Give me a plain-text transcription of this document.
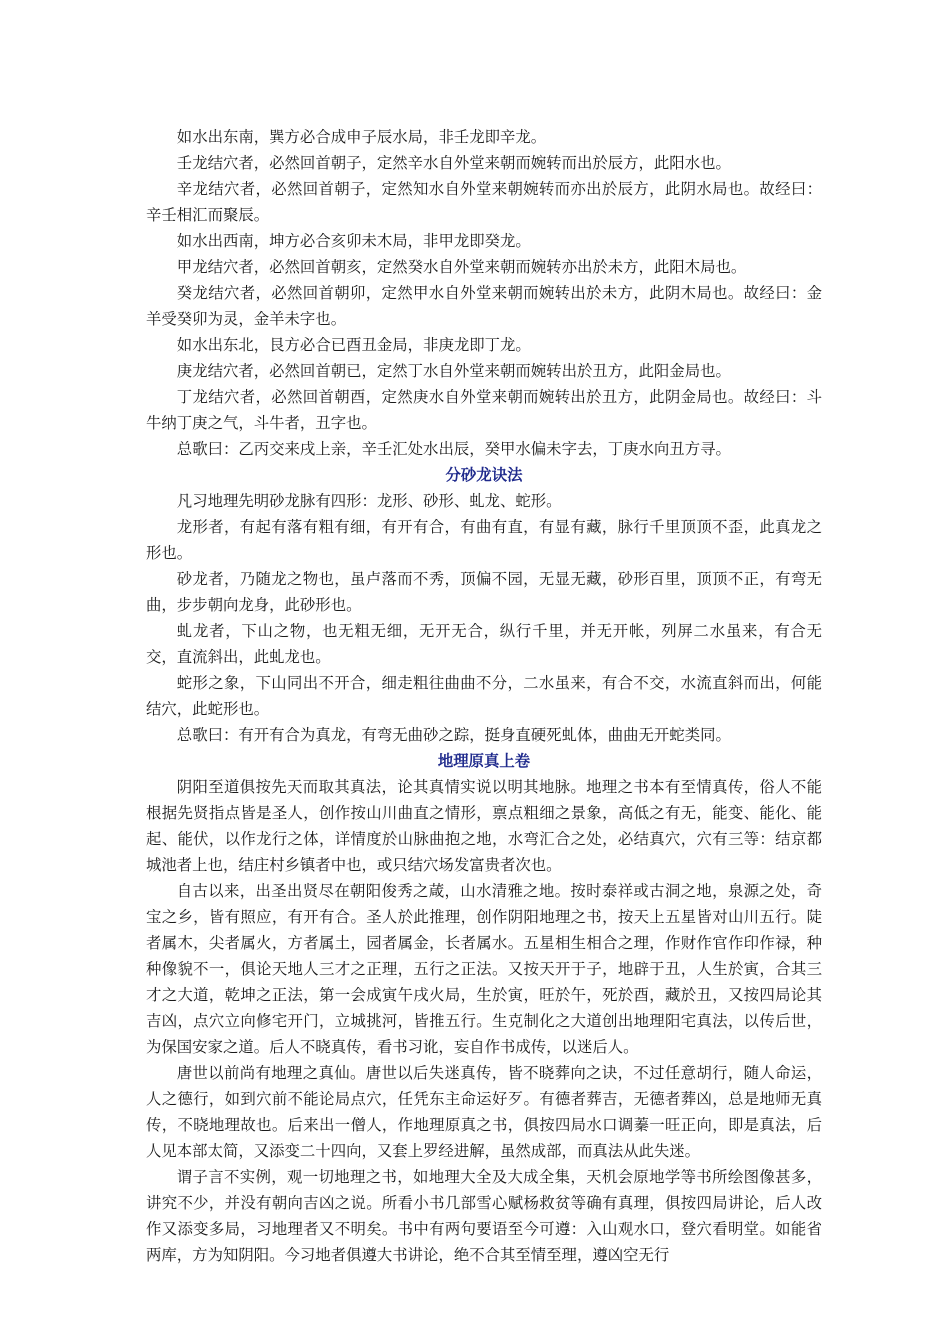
如水出东南，巽方必合成申子辰水局，非壬龙即辛龙。

壬龙结穴者，必然回首朝子，定然辛水自外堂来朝而婉转而出於辰方，此阳水也。

辛龙结穴者，必然回首朝子，定然知水自外堂来朝婉转而亦出於辰方，此阴水局也。故经曰：辛壬相汇而聚辰。

如水出西南，坤方必合亥卯未木局，非甲龙即癸龙。

甲龙结穴者，必然回首朝亥，定然癸水自外堂来朝而婉转亦出於未方，此阳木局也。

癸龙结穴者，必然回首朝卯，定然甲水自外堂来朝而婉转出於未方，此阴木局也。故经曰：金羊受癸卯为灵，金羊未字也。

如水出东北，艮方必合已酉丑金局，非庚龙即丁龙。

庚龙结穴者，必然回首朝已，定然丁水自外堂来朝而婉转出於丑方，此阳金局也。

丁龙结穴者，必然回首朝酉，定然庚水自外堂来朝而婉转出於丑方，此阴金局也。故经曰：斗牛纳丁庚之气，斗牛者，丑字也。

总歌曰：乙丙交来戌上亲，辛壬汇处水出辰，癸甲水偏未字去，丁庚水向丑方寻。

分砂龙诀法

凡习地理先明砂龙脉有四形：龙形、砂形、虬龙、蛇形。

龙形者，有起有落有粗有细，有开有合，有曲有直，有显有藏，脉行千里顶顶不歪，此真龙之形也。

砂龙者，乃随龙之物也，虽卢落而不秀，顶偏不园，无显无藏，砂形百里，顶顶不正，有弯无曲，步步朝向龙身，此砂形也。

虬龙者，下山之物，也无粗无细，无开无合，纵行千里，并无开帐，列屏二水虽来，有合无交，直流斜出，此虬龙也。

蛇形之象，下山同出不开合，细走粗往曲曲不分，二水虽来，有合不交，水流直斜而出，何能结穴，此蛇形也。

总歌曰：有开有合为真龙，有弯无曲砂之踪，挺身直硬死虬体，曲曲无开蛇类同。

地理原真上卷

阴阳至道俱按先天而取其真法，论其真情实说以明其地脉。地理之书本有至情真传，俗人不能根据先贤指点皆是圣人，创作按山川曲直之情形，禀点粗细之景象，高低之有无，能变、能化、能起、能伏，以作龙行之体，详情度於山脉曲抱之地，水弯汇合之处，必结真穴，穴有三等：结京都城池者上也，结庄村乡镇者中也，或只结穴场发富贵者次也。

自古以来，出圣出贤尽在朝阳俊秀之葴，山水清雅之地。按时泰祥或古洞之地，泉源之处，奇宝之乡，皆有照应，有开有合。圣人於此推理，创作阴阳地理之书，按天上五星皆对山川五行。陡者属木，尖者属火，方者属土，园者属金，长者属水。五星相生相合之理，作财作官作印作禄，种种像貌不一，俱论天地人三才之正理，五行之正法。又按天开于子，地辟于丑，人生於寅，合其三才之大道，乾坤之正法，第一会成寅午戌火局，生於寅，旺於午，死於酉，藏於丑，又按四局论其吉凶，点穴立向修宅开门，立城挑河，皆推五行。生克制化之大道创出地理阳宅真法，以传后世，为保国安家之道。后人不晓真传，看书习讹，妄自作书成传，以迷后人。

唐世以前尚有地理之真仙。唐世以后失迷真传，皆不晓葬向之诀，不过任意胡行，随人命运，人之德行，如到穴前不能论局点穴，任凭东主命运好歹。有德者葬吉，无德者葬凶，总是地师无真传，不晓地理故也。后来出一僧人，作地理原真之书，俱按四局水口调蓁一旺正向，即是真法，后人见本部太简，又添变二十四向，又套上罗经进解，虽然成部，而真法从此失迷。

谓子言不实例，观一切地理之书，如地理大全及大成全集，天机会原地学等书所绘图像甚多，讲究不少，并没有朝向吉凶之说。所看小书几部雪心赋杨救贫等确有真理，俱按四局讲论，后人改作又添变多局，习地理者又不明矣。书中有两句要语至今可遵：入山观水口，登穴看明堂。如能省两库，方为知阴阳。今习地者俱遵大书讲论，绝不合其至情至理，遵凶空无行
